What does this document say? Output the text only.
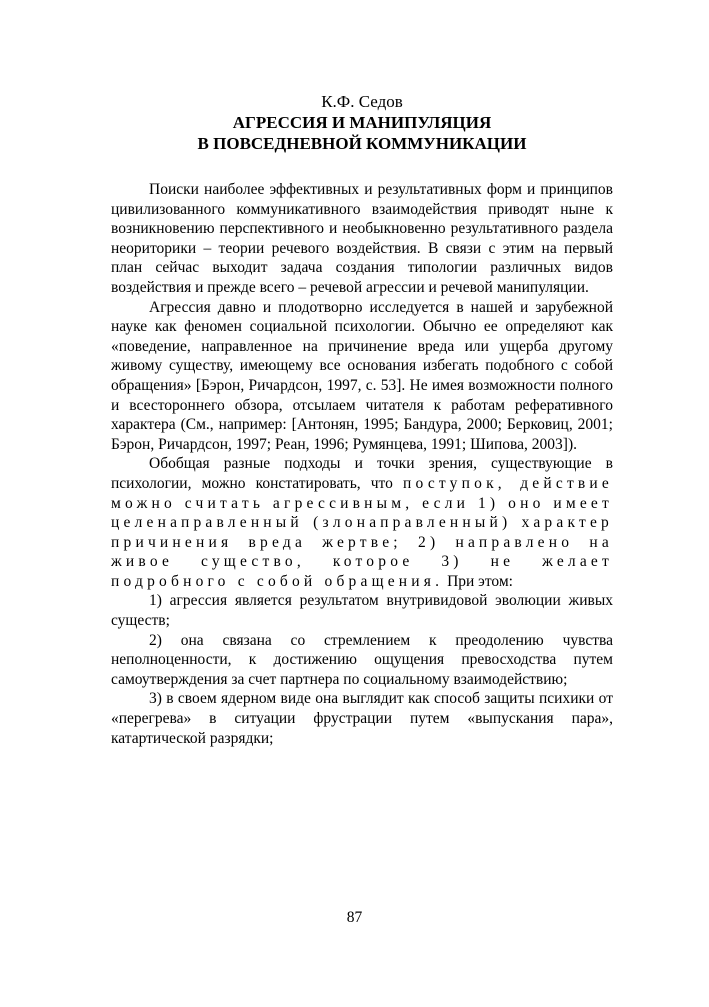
К.Ф. Седов

АГРЕССИЯ И МАНИПУЛЯЦИЯ
В ПОВСЕДНЕВНОЙ КОММУНИКАЦИИ

Поиски наиболее эффективных и результативных форм и принципов цивилизованного коммуникативного взаимодействия приводят ныне к возникновению перспективного и необыкновенно результативного раздела неориторики – теории речевого воздействия. В связи с этим на первый план сейчас выходит задача создания типологии различных видов воздействия и прежде всего – речевой агрессии и речевой манипуляции.

Агрессия давно и плодотворно исследуется в нашей и зарубежной науке как феномен социальной психологии. Обычно ее определяют как «поведение, направленное на причинение вреда или ущерба другому живому существу, имеющему все основания избегать подобного с собой обращения» [Бэрон, Ричардсон, 1997, с. 53]. Не имея возможности полного и всестороннего обзора, отсылаем читателя к работам реферативного характера (См., например: [Антонян, 1995; Бандура, 2000; Берковиц, 2001; Бэрон, Ричардсон, 1997; Реан, 1996; Румянцева, 1991; Шипова, 2003]).

Обобщая разные подходы и точки зрения, существующие в психологии, можно констатировать, что поступок, действие можно считать агрессивным, если 1) оно имеет целенаправленный (злонаправленный) характер причинения вреда жертве; 2) направлено на живое существо, которое 3) не желает подробного с собой обращения. При этом:

1) агрессия является результатом внутривидовой эволюции живых существ;

2) она связана со стремлением к преодолению чувства неполноценности, к достижению ощущения превосходства путем самоутверждения за счет партнера по социальному взаимодействию;

3) в своем ядерном виде она выглядит как способ защиты психики от «перегрева» в ситуации фрустрации путем «выпускания пара», катартической разрядки;

87
